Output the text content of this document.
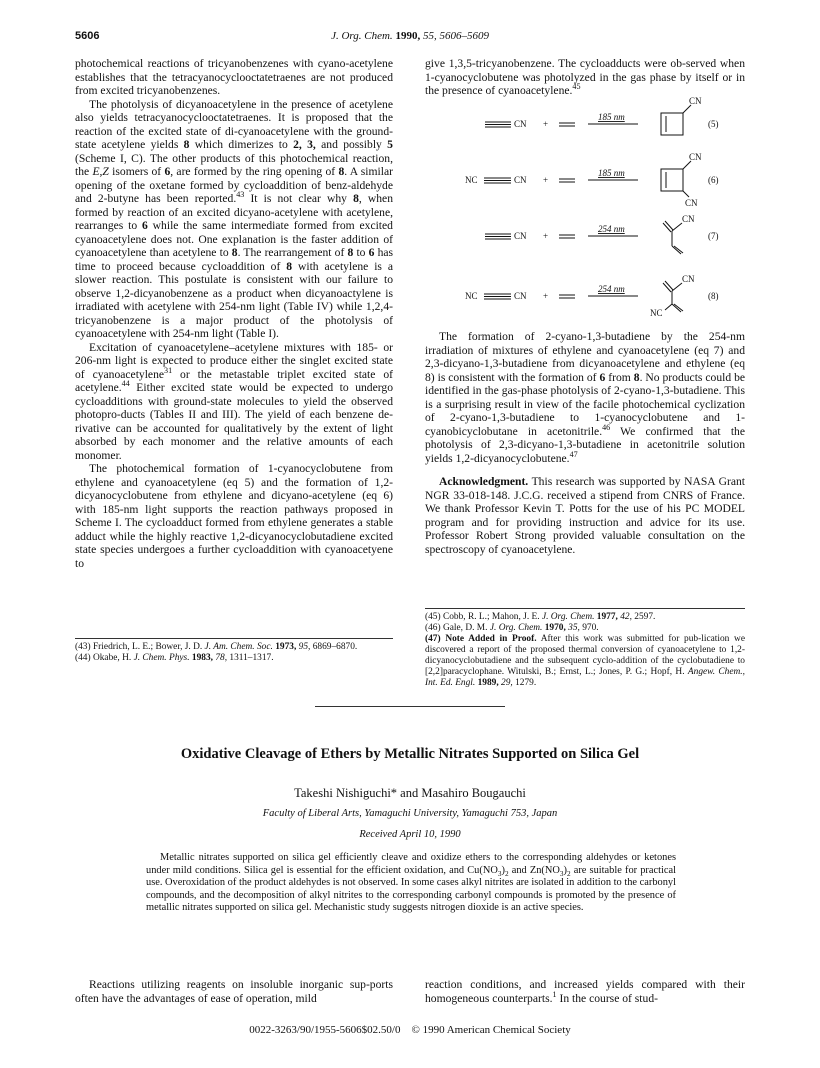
5606	J. Org. Chem. 1990, 55, 5606–5609

photochemical reactions of tricyanobenzenes with cyano-acetylene establishes that the tetracyanocyclooctatetraenes are not produced from excited tricyanobenzenes.

The photolysis of dicyanoacetylene in the presence of acetylene also yields tetracyanocyclooctatetraenes. It is proposed that the reaction of the excited state of di-cyanoacetylene with the ground-state acetylene yields 8 which dimerizes to 2, 3, and possibly 5 (Scheme I, C). The other products of this photochemical reaction, the E,Z isomers of 6, are formed by the ring opening of 8. A similar opening of the oxetane formed by cycloaddition of benz-aldehyde and 2-butyne has been reported.$^{43}$ It is not clear why 8, when formed by reaction of an excited dicyano-acetylene with acetylene, rearranges to 6 while the same intermediate formed from excited cyanoacetylene does not. One explanation is the faster addition of cyanoacetylene than acetylene to 8. The rearrangement of 8 to 6 has time to proceed because cycloaddition of 8 with acetylene is a slower reaction. This postulate is consistent with our failure to observe 1,2-dicyanobenzene as a product when dicyanoactylene is irradiated with acetylene with 254-nm light (Table IV) while 1,2,4-tricyanobenzene is a major product of the photolysis of cyanoacetylene with 254-nm light (Table I).

Excitation of cyanoacetylene–acetylene mixtures with 185- or 206-nm light is expected to produce either the singlet excited state of cyanoacetylene$^{31}$ or the metastable triplet excited state of acetylene.$^{44}$ Either excited state would be expected to undergo cycloadditions with ground-state molecules to yield the observed photopro-ducts (Tables II and III). The yield of each benzene de-rivative can be accounted for qualitatively by the extent of light absorbed by each monomer and the relative amounts of each monomer.

The photochemical formation of 1-cyanocyclobutene from ethylene and cyanoacetylene (eq 5) and the formation of 1,2-dicyanocyclobutene from ethylene and dicyano-acetylene (eq 6) with 185-nm light supports the reaction pathways proposed in Scheme I. The cycloadduct formed from ethylene generates a stable adduct while the highly reactive 1,2-dicyanocyclobutadiene excited state species undergoes a further cycloaddition with cyanoacetyene to

(43) Friedrich, L. E.; Bower, J. D. J. Am. Chem. Soc. 1973, 95, 6869–6870.

(44) Okabe, H. J. Chem. Phys. 1983, 78, 1311–1317.

give 1,3,5-tricyanobenzene. The cycloadducts were ob-served when 1-cyanocyclobutene was photolyzed in the gas phase by itself or in the presence of cyanoacetylene.$^{45}$

CN +
185 nm
CN
(5)
NC	CN +
185 nm
CN
CN
(6)
CN +
254 nm
CN
(7)
NC	CN +
254 nm
CN
NC
(8)

The formation of 2-cyano-1,3-butadiene by the 254-nm irradiation of mixtures of ethylene and cyanoacetylene (eq 7) and 2,3-dicyano-1,3-butadiene from dicyanoacetylene and ethylene (eq 8) is consistent with the formation of 6 from 8. No products could be identified in the gas-phase photolysis of 2-cyano-1,3-butadiene. This is a surprising result in view of the facile photochemical cyclization of 2-cyano-1,3-butadiene to 1-cyanocyclobutene and 1-cyanobicyclobutane in acetonitrile.$^{46}$ We confirmed that the photolysis of 2,3-dicyano-1,3-butadiene in acetonitrile solution yields 1,2-dicyanocyclobutene.$^{47}$

Acknowledgment. This research was supported by NASA Grant NGR 33-018-148. J.C.G. received a stipend from CNRS of France. We thank Professor Kevin T. Potts for the use of his PC MODEL program and for providing instruction and advice for its use. Professor Robert Strong provided valuable consultation on the spectroscopy of cyanoacetylene.

(45) Cobb, R. L.; Mahon, J. E. J. Org. Chem. 1977, 42, 2597.

(46) Gale, D. M. J. Org. Chem. 1970, 35, 970.

(47) Note Added in Proof. After this work was submitted for pub-lication we discovered a report of the proposed thermal conversion of cyanoacetylene to 1,2-dicyanocyclobutadiene and the subsequent cyclo-addition of the cyclobutadiene to [2,2]paracyclophane. Witulski, B.; Ernst, L.; Jones, P. G.; Hopf, H. Angew. Chem., Int. Ed. Engl. 1989, 29, 1279.

Oxidative Cleavage of Ethers by Metallic Nitrates Supported on Silica Gel
Takeshi Nishiguchi* and Masahiro Bougauchi
Faculty of Liberal Arts, Yamaguchi University, Yamaguchi 753, Japan
Received April 10, 1990
Metallic nitrates supported on silica gel efficiently cleave and oxidize ethers to the corresponding aldehydes or ketones under mild conditions. Silica gel is essential for the efficient oxidation, and $Cu(NO_3)_2$ and $Zn(NO_3)_2$ are suitable for practical use. Overoxidation of the product aldehydes is not observed. In some cases alkyl nitrites are isolated in addition to the carbonyl compounds, and the decomposition of alkyl nitrites to the corresponding carbonyl compounds is promoted by the presence of metallic nitrates supported on silica gel. Mechanistic study suggests nitrogen dioxide is an active species.
Reactions utilizing reagents on insoluble inorganic sup-ports often have the advantages of ease of operation, mild
reaction conditions, and increased yields compared with their homogeneous counterparts.$^1$ In the course of stud-
0022-3263/90/1955-5606$02.50/0 © 1990 American Chemical Society
